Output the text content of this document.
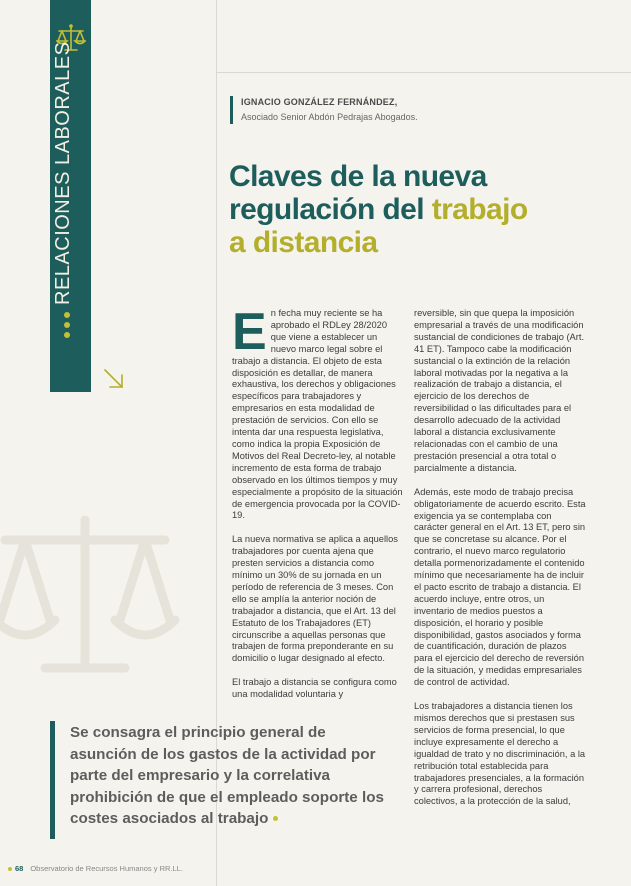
RELACIONES LABORALES	IGNACIO GONZÁLEZ FERNÁNDEZ,
Asociado Senior Abdón Pedrajas Abogados.
Claves de la nueva
regulación del trabajo
a distancia

En fecha muy reciente se ha aprobado el RDLey 28/2020 que viene a establecer un nuevo marco legal sobre el trabajo a distancia. El objeto de esta disposición es detallar, de manera exhaustiva, los derechos y obligaciones específicos para trabajadores y empresarios en esta modalidad de prestación de servicios. Con ello se intenta dar una respuesta legislativa, como indica la propia Exposición de Motivos del Real Decreto-ley, al notable incremento de esta forma de trabajo observado en los últimos tiempos y muy especialmente a propósito de la situación de emergencia provocada por la COVID-19.

La nueva normativa se aplica a aquellos trabajadores por cuenta ajena que presten servicios a distancia como mínimo un 30% de su jornada en un período de referencia de 3 meses. Con ello se amplía la anterior noción de trabajador a distancia, que el Art. 13 del Estatuto de los Trabajadores (ET) circunscribe a aquellas personas que trabajen de forma preponderante en su domicilio o lugar designado al efecto.

El trabajo a distancia se configura como una modalidad voluntaria y

reversible, sin que quepa la imposición empresarial a través de una modificación sustancial de condiciones de trabajo (Art. 41 ET). Tampoco cabe la modificación sustancial o la extinción de la relación laboral motivadas por la negativa a la realización de trabajo a distancia, el ejercicio de los derechos de reversibilidad o las dificultades para el desarrollo adecuado de la actividad laboral a distancia exclusivamente relacionadas con el cambio de una prestación presencial a otra total o parcialmente a distancia.

Además, este modo de trabajo precisa obligatoriamente de acuerdo escrito. Esta exigencia ya se contemplaba con carácter general en el Art. 13 ET, pero sin que se concretase su alcance. Por el contrario, el nuevo marco regulatorio detalla pormenorizadamente el contenido mínimo que necesariamente ha de incluir el pacto escrito de trabajo a distancia. El acuerdo incluye, entre otros, un inventario de medios puestos a disposición, el horario y posible disponibilidad, gastos asociados y forma de cuantificación, duración de plazos para el ejercicio del derecho de reversión de la situación, y medidas empresariales de control de actividad.

Los trabajadores a distancia tienen los mismos derechos que si prestasen sus servicios de forma presencial, lo que incluye expresamente el derecho a igualdad de trato y no discriminación, a la retribución total establecida para trabajadores presenciales, a la formación y carrera profesional, derechos colectivos, a la protección de la salud,

Se consagra el principio general de asunción de los gastos de la actividad por parte del empresario y la correlativa prohibición de que el empleado soporte los costes asociados al trabajo
68 Observatorio de Recursos Humanos y RR.LL.
